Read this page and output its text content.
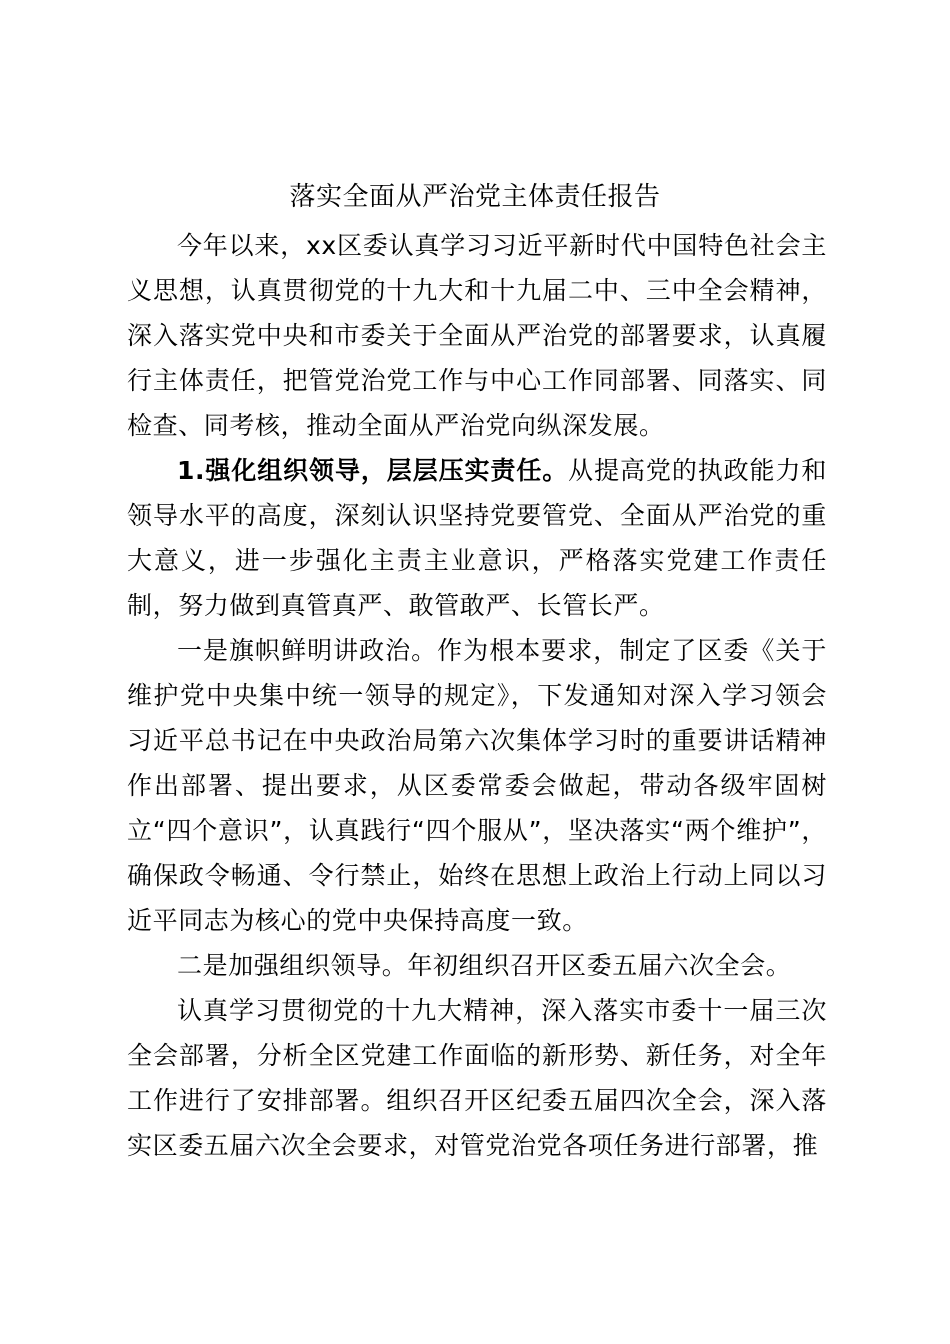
落实全面从严治党主体责任报告

今年以来，xx区委认真学习习近平新时代中国特色社会主义思想，认真贯彻党的十九大和十九届二中、三中全会精神，深入落实党中央和市委关于全面从严治党的部署要求，认真履行主体责任，把管党治党工作与中心工作同部署、同落实、同检查、同考核，推动全面从严治党向纵深发展。

1.强化组织领导，层层压实责任。从提高党的执政能力和领导水平的高度，深刻认识坚持党要管党、全面从严治党的重大意义，进一步强化主责主业意识，严格落实党建工作责任制，努力做到真管真严、敢管敢严、长管长严。

一是旗帜鲜明讲政治。作为根本要求，制定了区委《关于维护党中央集中统一领导的规定》，下发通知对深入学习领会习近平总书记在中央政治局第六次集体学习时的重要讲话精神作出部署、提出要求，从区委常委会做起，带动各级牢固树立“四个意识”，认真践行“四个服从”，坚决落实“两个维护”，确保政令畅通、令行禁止，始终在思想上政治上行动上同以习近平同志为核心的党中央保持高度一致。

二是加强组织领导。年初组织召开区委五届六次全会。

认真学习贯彻党的十九大精神，深入落实市委十一届三次全会部署，分析全区党建工作面临的新形势、新任务，对全年工作进行了安排部署。组织召开区纪委五届四次全会，深入落实区委五届六次全会要求，对管党治党各项任务进行部署，推
